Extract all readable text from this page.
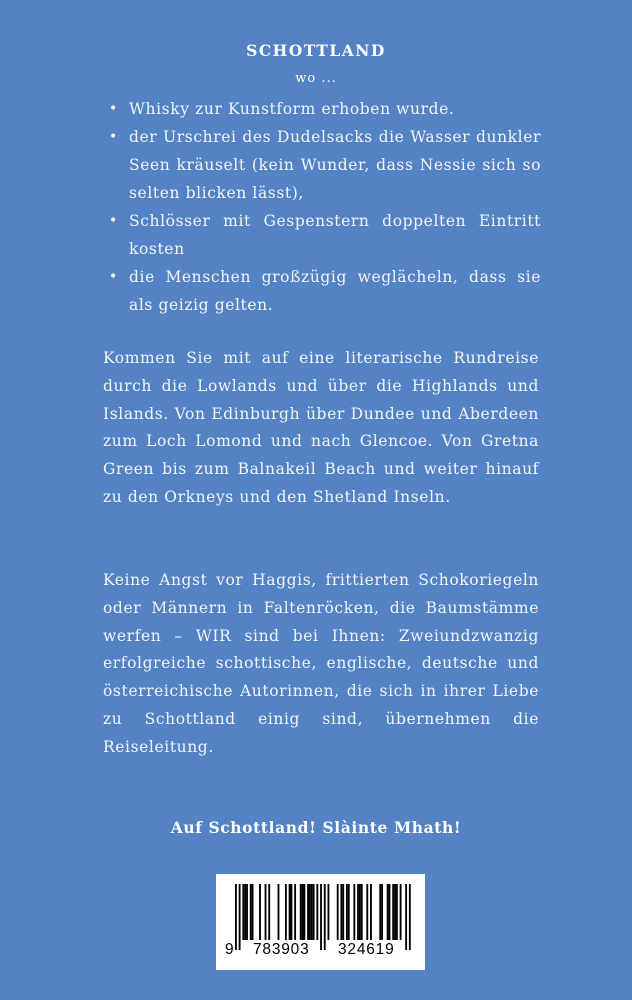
SCHOTTLAND
wo ...
• Whisky zur Kunstform erhoben wurde.
• der Urschrei des Dudelsacks die Wasser dunkler Seen kräuselt (kein Wunder, dass Nessie sich so selten blicken lässt),
• Schlösser mit Gespenstern doppelten Eintritt kosten
• die Menschen großzügig weglächeln, dass sie als geizig gelten.

Kommen Sie mit auf eine literarische Rundreise durch die Lowlands und über die Highlands und Islands. Von Edinburgh über Dundee und Aberdeen zum Loch Lomond und nach Glencoe. Von Gretna Green bis zum Balnakeil Beach und weiter hinauf zu den Orkneys und den Shetland Inseln.

Keine Angst vor Haggis, frittierten Schokoriegeln oder Männern in Faltenröcken, die Baumstämme werfen – WIR sind bei Ihnen: Zweiundzwanzig erfolgreiche schottische, englische, deutsche und österreichische Autorinnen, die sich in ihrer Liebe zu Schottland einig sind, übernehmen die Reiseleitung.

Auf Schottland! Slàinte Mhath!
9 783903 324619
